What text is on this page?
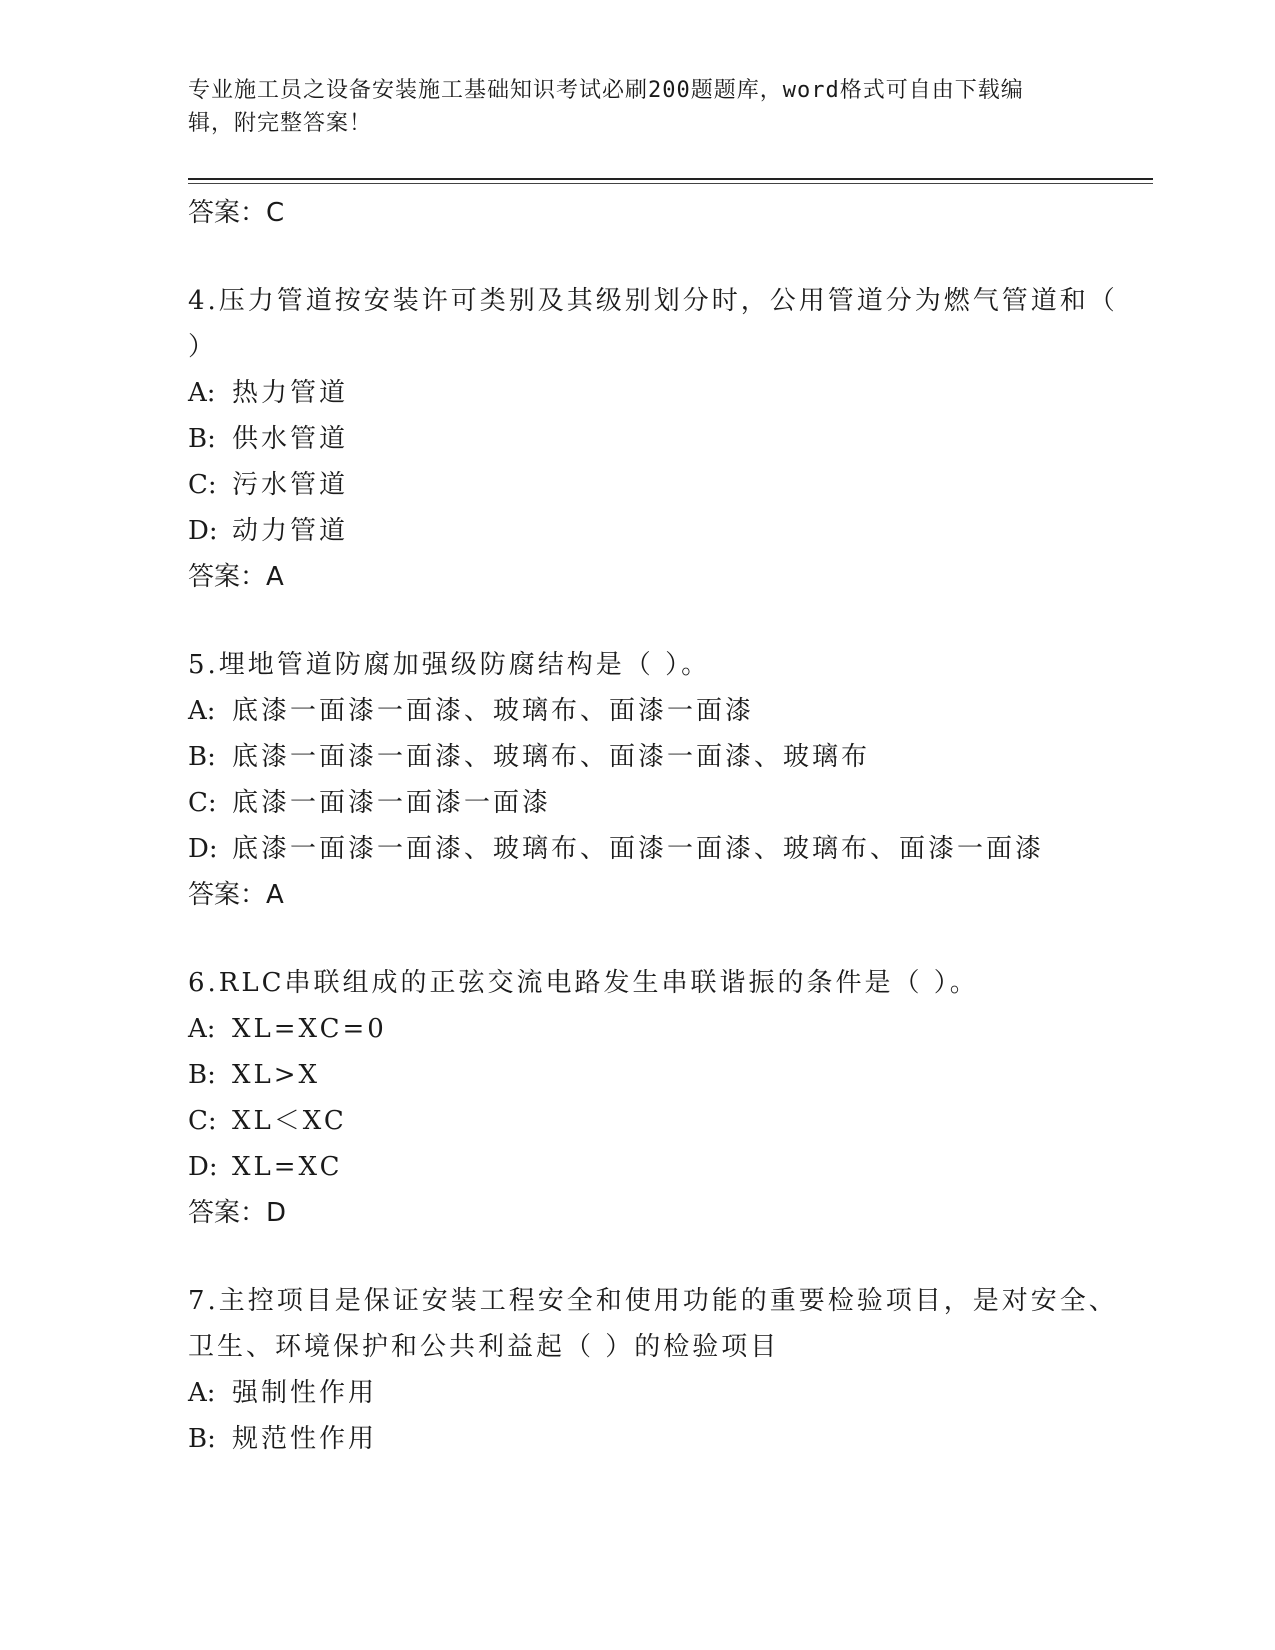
专业施工员之设备安装施工基础知识考试必刷200题题库，word格式可自由下载编辑，附完整答案！
答案：C
4.压力管道按安装许可类别及其级别划分时，公用管道分为燃气管道和（ ）
A: 热力管道
B: 供水管道
C: 污水管道
D: 动力管道
答案：A
5.埋地管道防腐加强级防腐结构是（ ）。
A: 底漆一面漆一面漆、玻璃布、面漆一面漆
B: 底漆一面漆一面漆、玻璃布、面漆一面漆、玻璃布
C: 底漆一面漆一面漆一面漆
D: 底漆一面漆一面漆、玻璃布、面漆一面漆、玻璃布、面漆一面漆
答案：A
6.RLC串联组成的正弦交流电路发生串联谐振的条件是（ ）。
A: XL=XC=0
B: XL>X
C: XL＜XC
D: XL=XC
答案：D
7.主控项目是保证安装工程安全和使用功能的重要检验项目，是对安全、卫生、环境保护和公共利益起（ ）的检验项目
A: 强制性作用
B: 规范性作用
